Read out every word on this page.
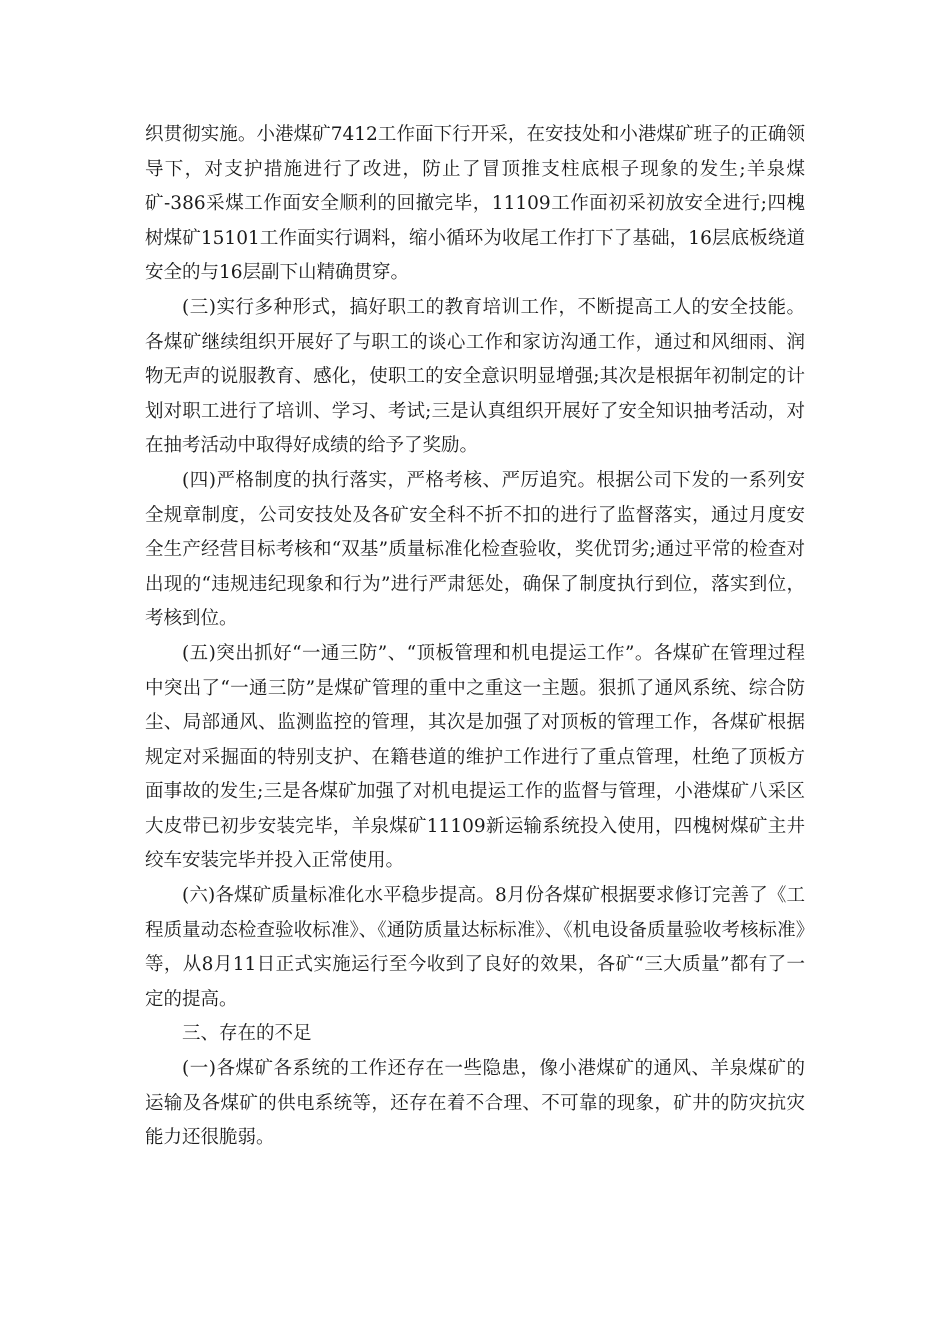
织贯彻实施。小港煤矿7412工作面下行开采，在安技处和小港煤矿班子的正确领导下，对支护措施进行了改进，防止了冒顶推支柱底根子现象的发生;羊泉煤矿-386采煤工作面安全顺利的回撤完毕，11109工作面初采初放安全进行;四槐树煤矿15101工作面实行调料，缩小循环为收尾工作打下了基础，16层底板绕道安全的与16层副下山精确贯穿。

(三)实行多种形式，搞好职工的教育培训工作，不断提高工人的安全技能。各煤矿继续组织开展好了与职工的谈心工作和家访沟通工作，通过和风细雨、润物无声的说服教育、感化，使职工的安全意识明显增强;其次是根据年初制定的计划对职工进行了培训、学习、考试;三是认真组织开展好了安全知识抽考活动，对在抽考活动中取得好成绩的给予了奖励。

(四)严格制度的执行落实，严格考核、严厉追究。根据公司下发的一系列安全规章制度，公司安技处及各矿安全科不折不扣的进行了监督落实，通过月度安全生产经营目标考核和“双基”质量标准化检查验收，奖优罚劣;通过平常的检查对出现的“违规违纪现象和行为”进行严肃惩处，确保了制度执行到位，落实到位，考核到位。

(五)突出抓好“一通三防”、“顶板管理和机电提运工作”。各煤矿在管理过程中突出了“一通三防”是煤矿管理的重中之重这一主题。狠抓了通风系统、综合防尘、局部通风、监测监控的管理，其次是加强了对顶板的管理工作，各煤矿根据规定对采掘面的特别支护、在籍巷道的维护工作进行了重点管理，杜绝了顶板方面事故的发生;三是各煤矿加强了对机电提运工作的监督与管理，小港煤矿八采区大皮带已初步安装完毕，羊泉煤矿11109新运输系统投入使用，四槐树煤矿主井绞车安装完毕并投入正常使用。

(六)各煤矿质量标准化水平稳步提高。8月份各煤矿根据要求修订完善了《工程质量动态检查验收标准》、《通防质量达标标准》、《机电设备质量验收考核标准》等，从8月11日正式实施运行至今收到了良好的效果，各矿“三大质量”都有了一定的提高。

三、存在的不足

(一)各煤矿各系统的工作还存在一些隐患，像小港煤矿的通风、羊泉煤矿的运输及各煤矿的供电系统等，还存在着不合理、不可靠的现象，矿井的防灾抗灾能力还很脆弱。
